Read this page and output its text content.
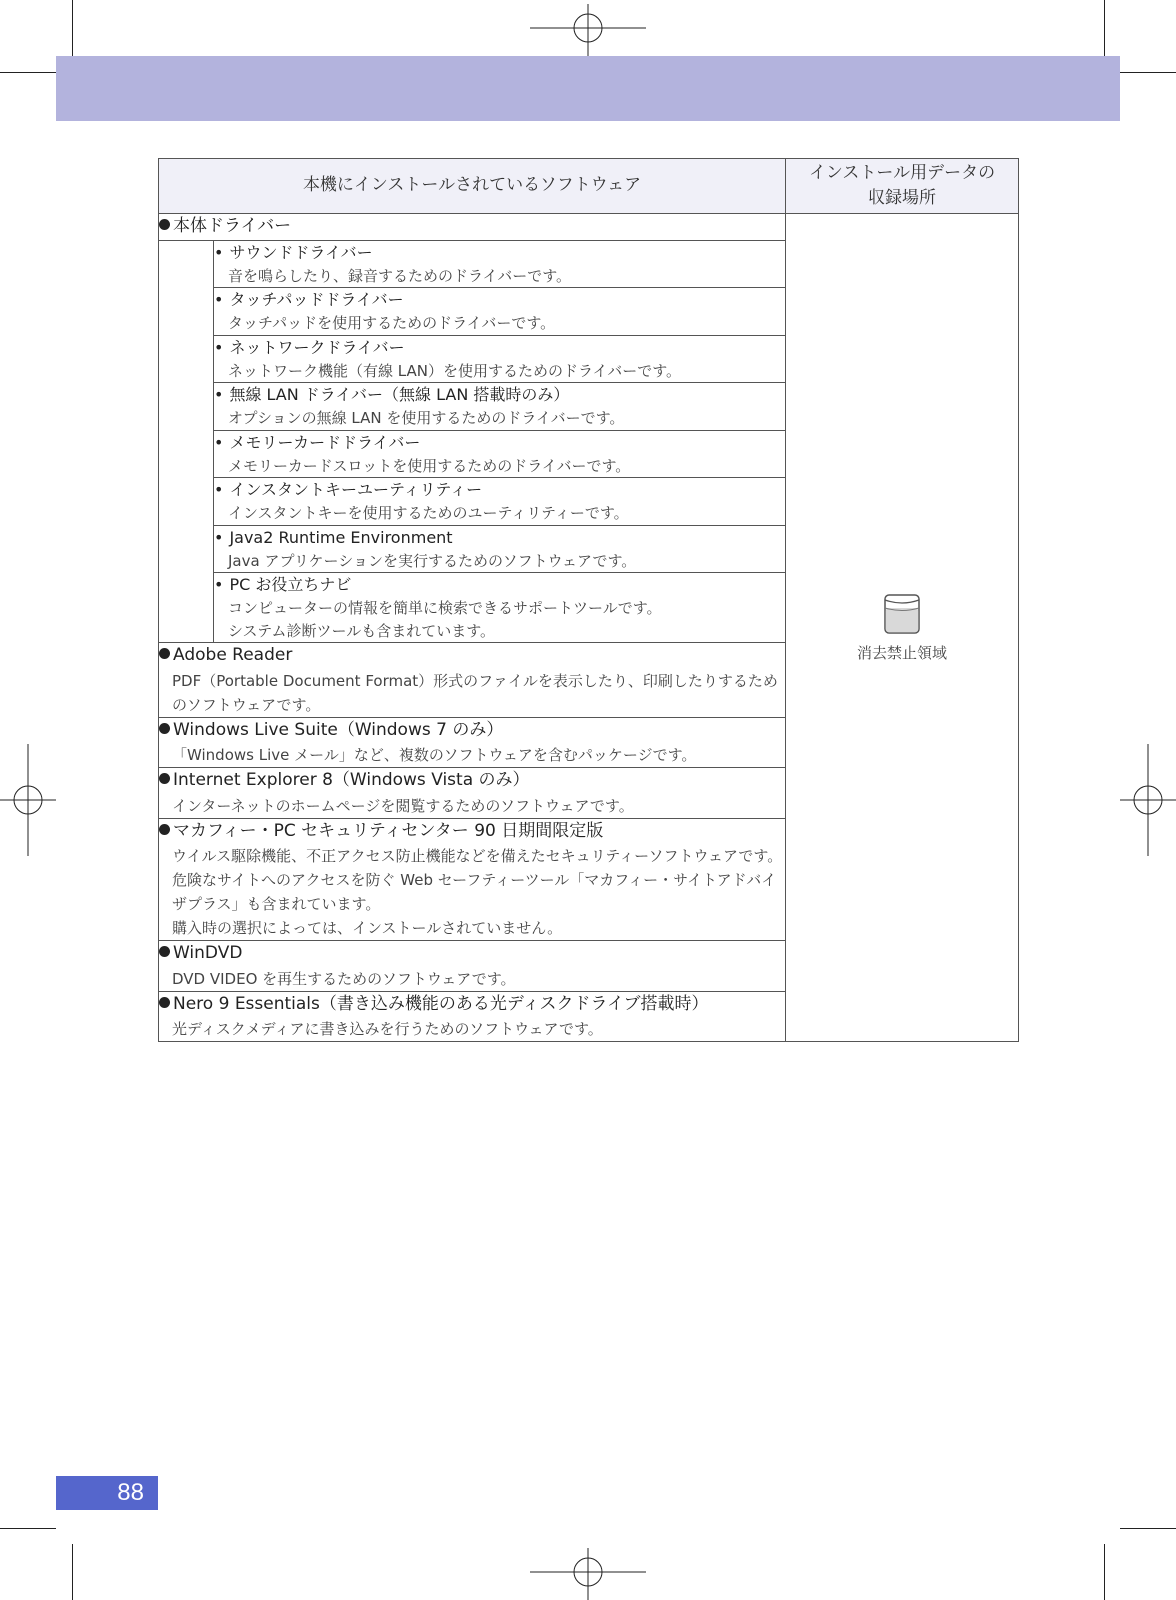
本機にインストールされているソフトウェア		インストール用データの
収録場所

本体ドライバー		消去禁止領域

	• サウンドドライバー
音を鳴らしたり、録音するためのドライバーです。	

	• タッチパッドドライバー
タッチパッドを使用するためのドライバーです。	

	• ネットワークドライバー
ネットワーク機能（有線 LAN）を使用するためのドライバーです。	

	• 無線 LAN ドライバー（無線 LAN 搭載時のみ）
オプションの無線 LAN を使用するためのドライバーです。	

	• メモリーカードドライバー
メモリーカードスロットを使用するためのドライバーです。	

	• インスタントキーユーティリティー
インスタントキーを使用するためのユーティリティーです。	

	• Java2 Runtime Environment
Java アプリケーションを実行するためのソフトウェアです。	

	• PC お役立ちナビ
コンピューターの情報を簡単に検索できるサポートツールです。
システム診断ツールも含まれています。	

Adobe Reader
PDF（Portable Document Format）形式のファイルを表示したり、印刷したりするためのソフトウェアです。		

Windows Live Suite（Windows 7 のみ）
「Windows Live メール」など、複数のソフトウェアを含むパッケージです。		

Internet Explorer 8（Windows Vista のみ）
インターネットのホームページを閲覧するためのソフトウェアです。		

マカフィー・PC セキュリティセンター 90 日期間限定版
ウイルス駆除機能、不正アクセス防止機能などを備えたセキュリティーソフトウェアです。危険なサイトへのアクセスを防ぐ Web セーフティーツール「マカフィー・サイトアドバイザプラス」も含まれています。
購入時の選択によっては、インストールされていません。		

WinDVD
DVD VIDEO を再生するためのソフトウェアです。		

Nero 9 Essentials（書き込み機能のある光ディスクドライブ搭載時）
光ディスクメディアに書き込みを行うためのソフトウェアです。		
88
